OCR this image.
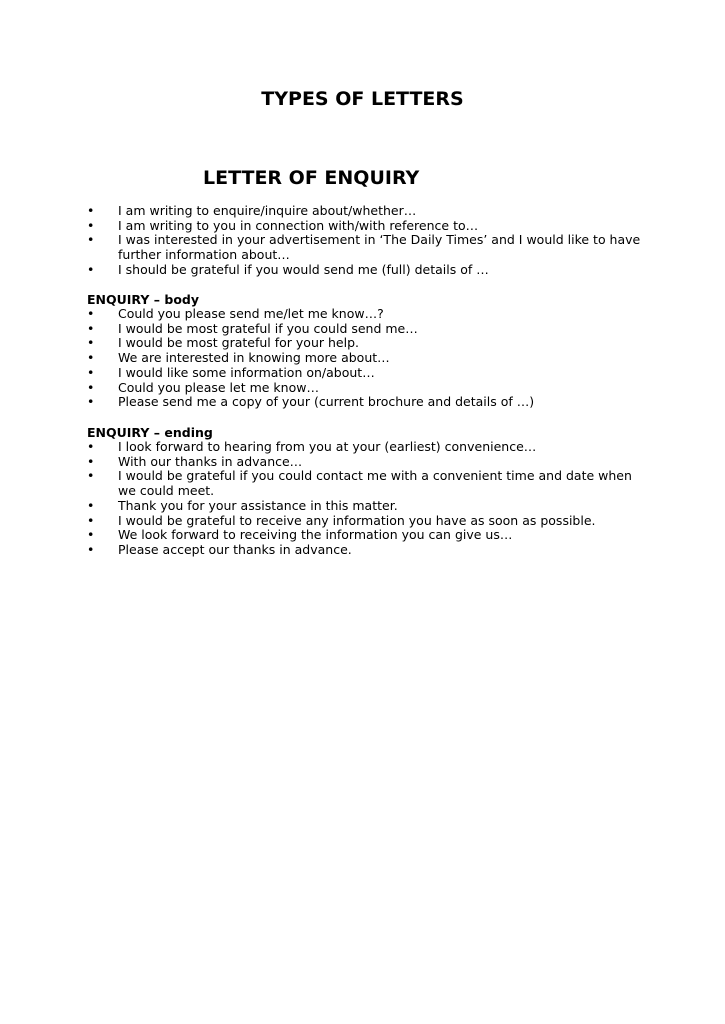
TYPES OF LETTERS
LETTER OF ENQUIRY
•	I am writing to enquire/inquire about/whether…
•	I am writing to you in connection with/with reference to…
•	I was interested in your advertisement in ‘The Daily Times’ and I would like to have further information about…
•	I should be grateful if you would send me (full) details of …

ENQUIRY – body

•	Could you please send me/let me know…?
•	I would be most grateful if you could send me…
•	I would be most grateful for your help.
•	We are interested in knowing more about…
•	I would like some information on/about…
•	Could you please let me know…
•	Please send me a copy of your (current brochure and details of …)

ENQUIRY – ending

•	I look forward to hearing from you at your (earliest) convenience…
•	With our thanks in advance…
•	I would be grateful if you could contact me with a convenient time and date when we could meet.
•	Thank you for your assistance in this matter.
•	I would be grateful to receive any information you have as soon as possible.
•	We look forward to receiving the information you can give us…
•	Please accept our thanks in advance.
